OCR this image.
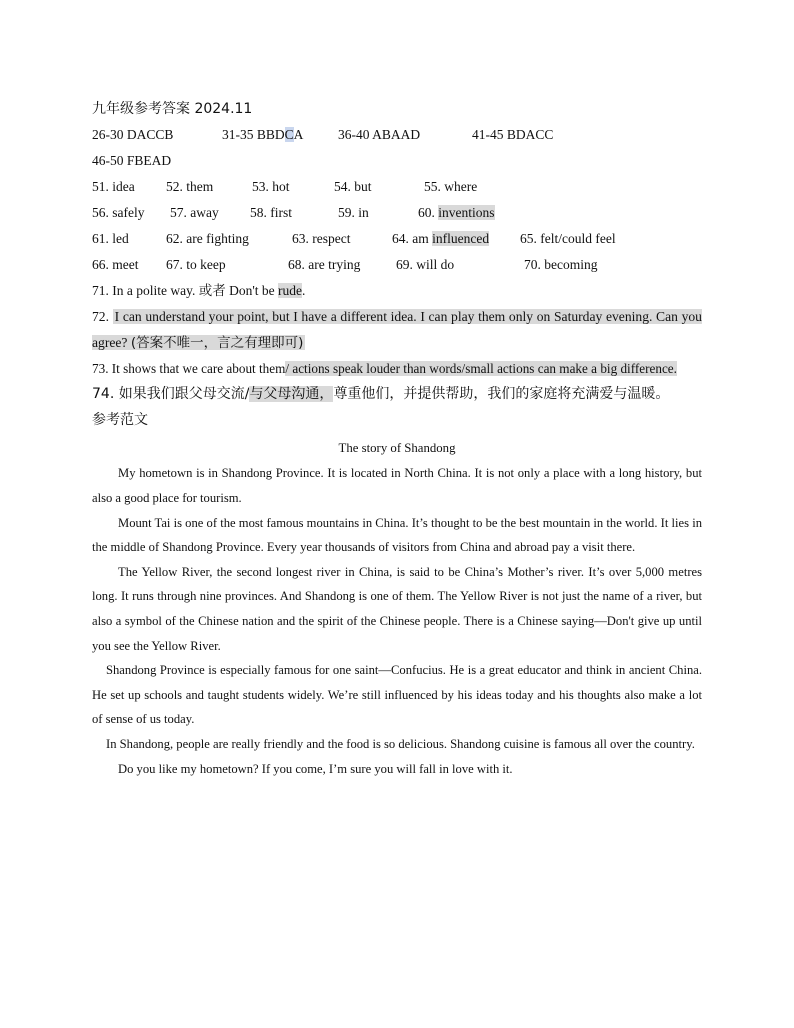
九年级参考答案 2024.11
26-30 DACCB	31-35 BBDCA	36-40 ABAAD	41-45 BDACC
46-50 FBEAD
51. idea 52. them	53. hot	54. but	55. where
56. safely 57. away 58. first	59. in	60. inventions
61. led	62. are fighting	63. respect	64. am influenced 65. felt/could feel
66. meet 67. to keep	68. are trying	69. will do	70. becoming
71. In a polite way. 或者 Don't be rude.
72. I can understand your point, but I have a different idea. I can play them only on Saturday evening. Can you agree? (答案不唯一，言之有理即可)
73. It shows that we care about them/ actions speak louder than words/small actions can make a big difference.
74. 如果我们跟父母交流/与父母沟通，尊重他们，并提供帮助，我们的家庭将充满爱与温暖。
参考范文
The story of Shandong

My hometown is in Shandong Province. It is located in North China. It is not only a place with a long history, but also a good place for tourism.

Mount Tai is one of the most famous mountains in China. It’s thought to be the best mountain in the world. It lies in the middle of Shandong Province. Every year thousands of visitors from China and abroad pay a visit there.

The Yellow River, the second longest river in China, is said to be China’s Mother’s river. It’s over 5,000 metres long. It runs through nine provinces. And Shandong is one of them. The Yellow River is not just the name of a river, but also a symbol of the Chinese nation and the spirit of the Chinese people. There is a Chinese saying—Don't give up until you see the Yellow River.

Shandong Province is especially famous for one saint—Confucius. He is a great educator and think in ancient China. He set up schools and taught students widely. We’re still influenced by his ideas today and his thoughts also make a lot of sense of us today.

In Shandong, people are really friendly and the food is so delicious. Shandong cuisine is famous all over the country.

Do you like my hometown? If you come, I’m sure you will fall in love with it.
